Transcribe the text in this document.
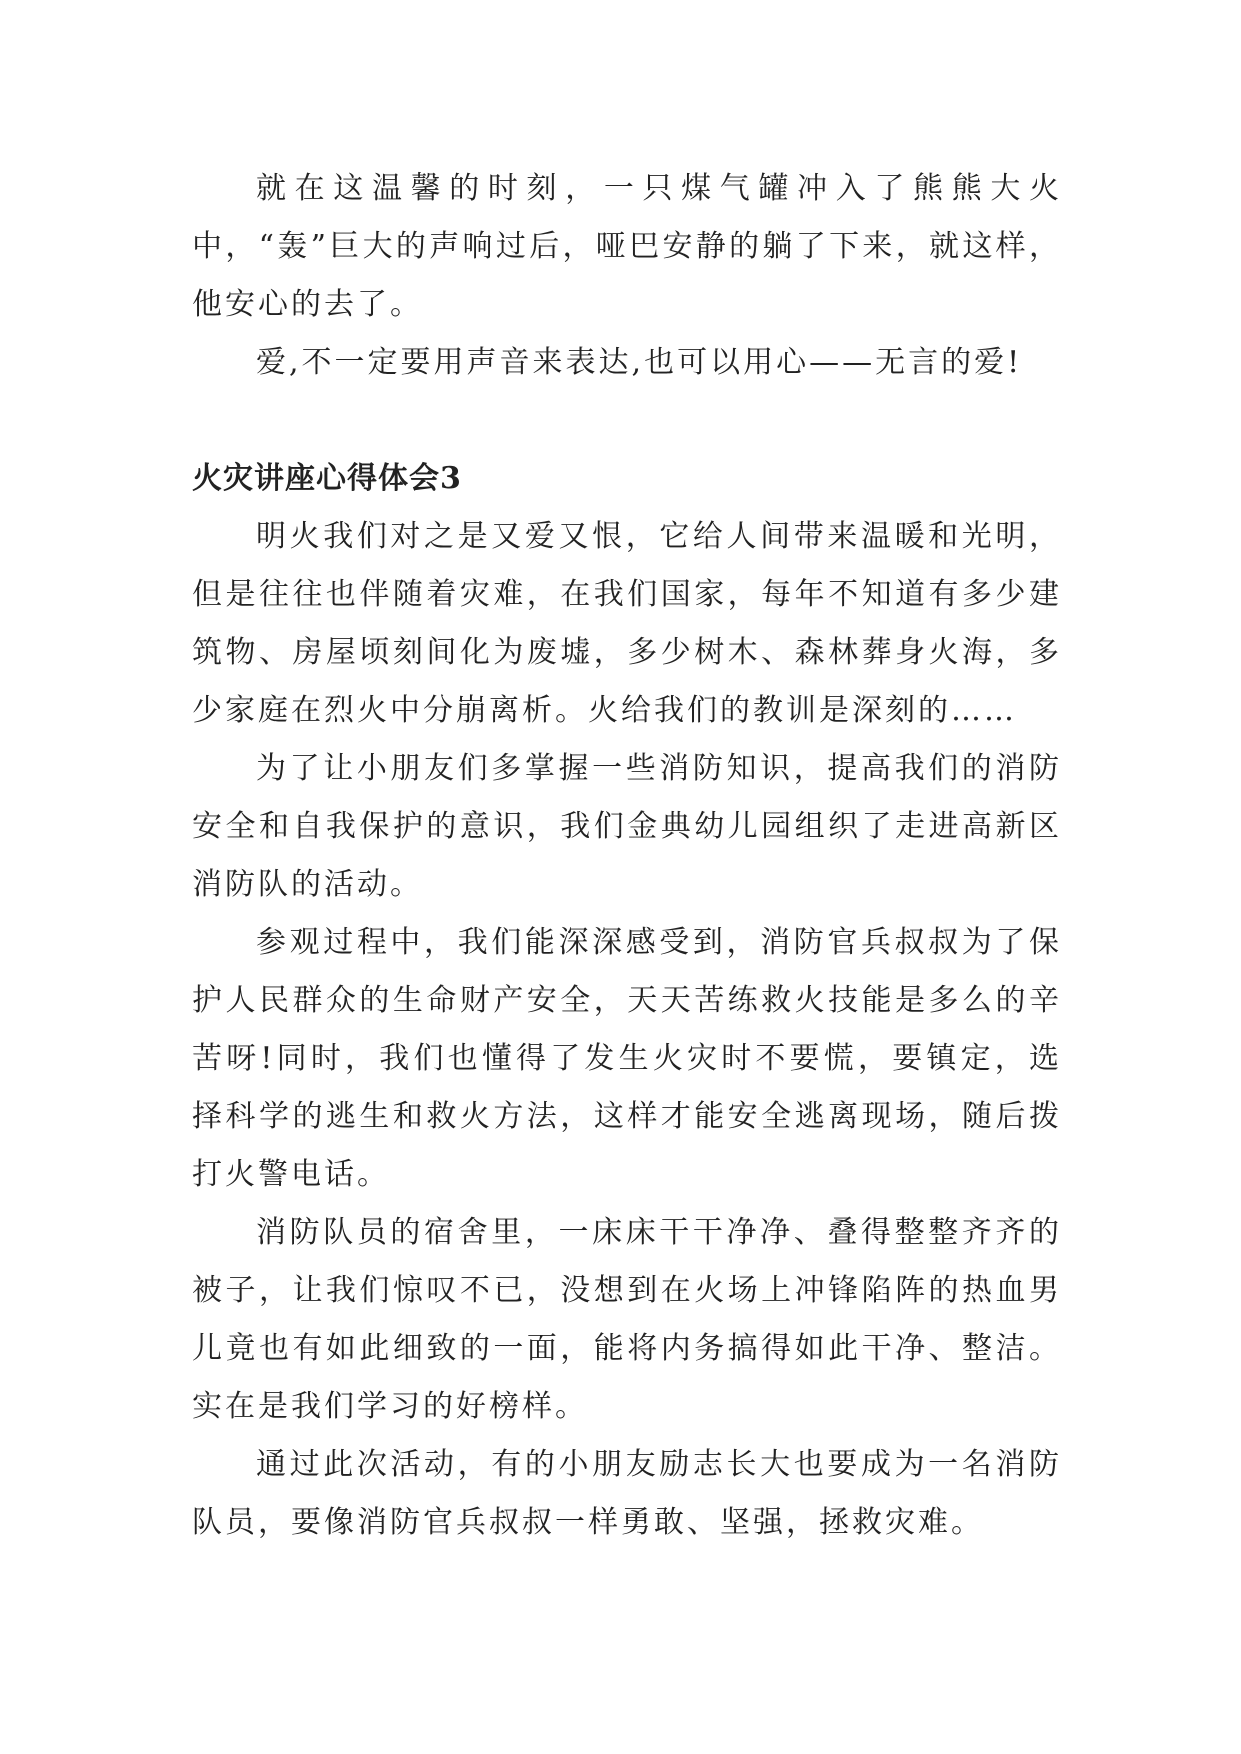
就在这温馨的时刻，一只煤气罐冲入了熊熊大火中，“轰”巨大的声响过后，哑巴安静的躺了下来，就这样，他安心的去了。

爱,不一定要用声音来表达,也可以用心——无言的爱!

火灾讲座心得体会3

明火我们对之是又爱又恨，它给人间带来温暖和光明，但是往往也伴随着灾难，在我们国家，每年不知道有多少建筑物、房屋顷刻间化为废墟，多少树木、森林葬身火海，多少家庭在烈火中分崩离析。火给我们的教训是深刻的……

为了让小朋友们多掌握一些消防知识，提高我们的消防安全和自我保护的意识，我们金典幼儿园组织了走进高新区消防队的活动。

参观过程中，我们能深深感受到，消防官兵叔叔为了保护人民群众的生命财产安全，天天苦练救火技能是多么的辛苦呀!同时，我们也懂得了发生火灾时不要慌，要镇定，选择科学的逃生和救火方法，这样才能安全逃离现场，随后拨打火警电话。

消防队员的宿舍里，一床床干干净净、叠得整整齐齐的被子，让我们惊叹不已，没想到在火场上冲锋陷阵的热血男儿竟也有如此细致的一面，能将内务搞得如此干净、整洁。实在是我们学习的好榜样。

通过此次活动，有的小朋友励志长大也要成为一名消防队员，要像消防官兵叔叔一样勇敢、坚强，拯救灾难。
